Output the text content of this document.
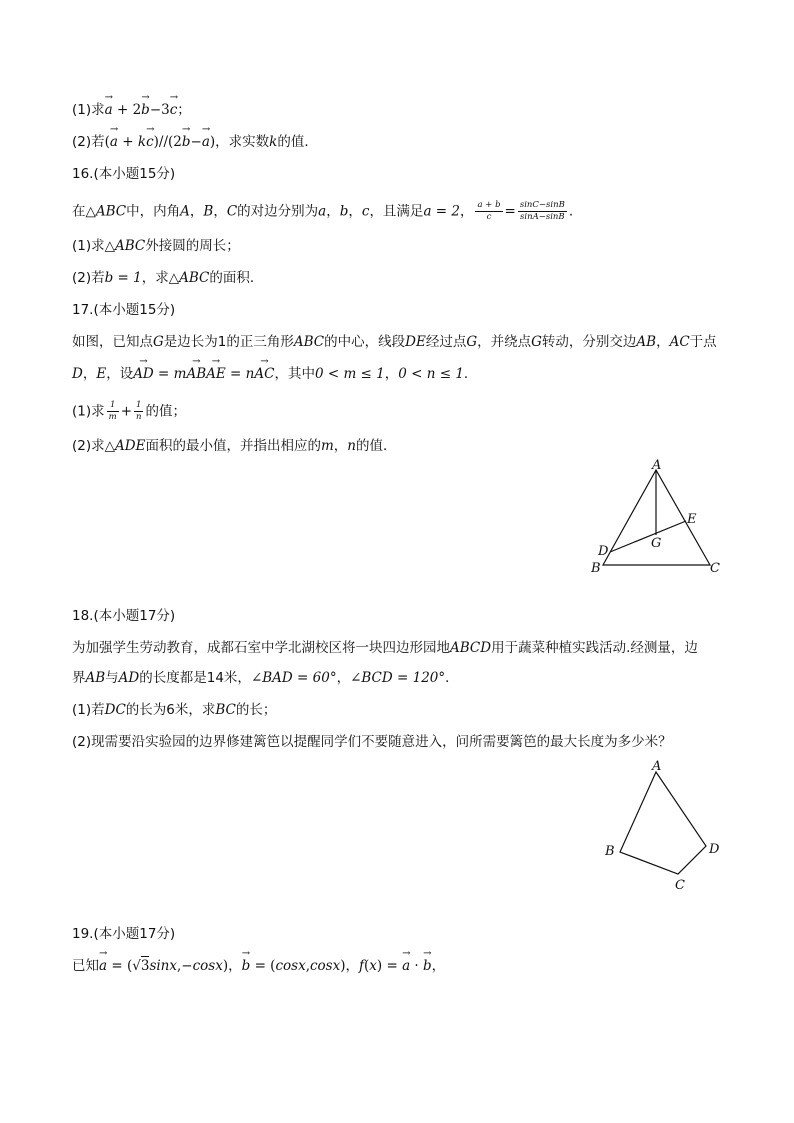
(1)求→ a + 2→ b−3→ c；
(2)若(→ a + k→ c)//(2→ b−→ a)，求实数k的值．
16.(本小题15分)
在△ABC中，内角A，B，C的对边分别为a，b，c，且满足a = 2， $\frac{a + b}{c} = \frac{\sin C-\sin B}{\sin A-\sin B}$ .
(1)求△ABC外接圆的周长；
(2)若b = 1，求△ABC的面积．
17.(本小题15分)
如图，已知点G是边长为1的正三角形ABC的中心，线段DE经过点G，并绕点G转动，分别交边AB，AC于点
D，E，设→ AD = m→ AB→ AE = n→ AC，其中0 < m ≤ 1，0 < n ≤ 1．
(1)求 $\frac{1}{m} + \frac{1}{n}$ 的值；
(2)求△ADE面积的最小值，并指出相应的m，n的值．
A
E
G
D
B	C
18.(本小题17分)
为加强学生劳动教育，成都石室中学北湖校区将一块四边形园地ABCD用于蔬菜种植实践活动.经测量，边
界AB与AD的长度都是14米，∠BAD = 60°，∠BCD = 120°．
(1)若DC的长为6米，求BC的长；
(2)现需要沿实验园的边界修建篱笆以提醒同学们不要随意进入，问所需要篱笆的最大长度为多少米？
A
B
C
D
19.(本小题17分)
已知→ a = (√3sinx,−cosx)，→ b = (cosx,cosx)，f(x) = → a · → b，
